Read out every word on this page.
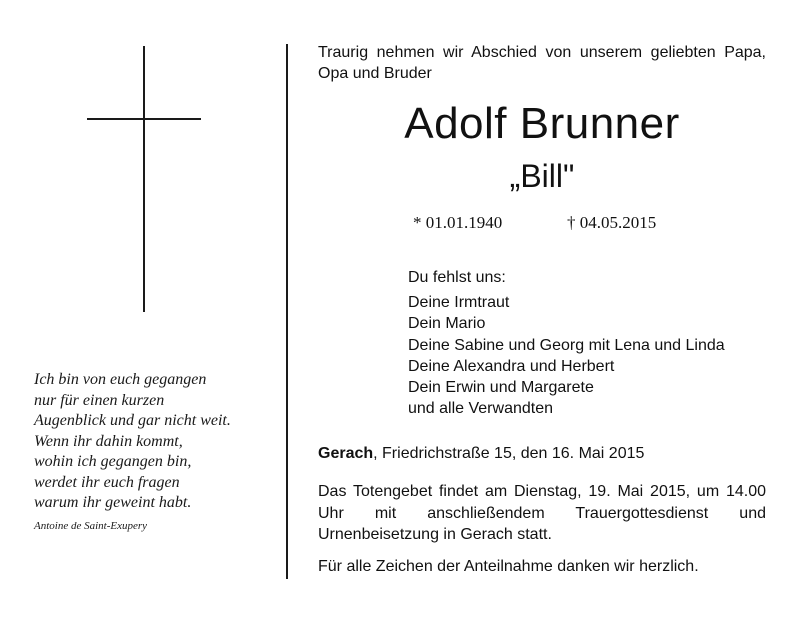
Ich bin von euch gegangen
nur für einen kurzen
Augenblick und gar nicht weit.
Wenn ihr dahin kommt,
wohin ich gegangen bin,
werdet ihr euch fragen
warum ihr geweint habt.
Antoine de Saint-Exupery
Traurig nehmen wir Abschied von unserem geliebten Papa, Opa und Bruder
Adolf Brunner
„Bill"
* 01.01.1940	† 04.05.2015
Du fehlst uns:
Deine Irmtraut
Dein Mario
Deine Sabine und Georg mit Lena und Linda
Deine Alexandra und Herbert
Dein Erwin und Margarete
und alle Verwandten
Gerach, Friedrichstraße 15, den 16. Mai 2015
Das Totengebet findet am Dienstag, 19. Mai 2015, um 14.00 Uhr mit anschließendem Trauergottesdienst und Urnenbeisetzung in Gerach statt.
Für alle Zeichen der Anteilnahme danken wir herzlich.
